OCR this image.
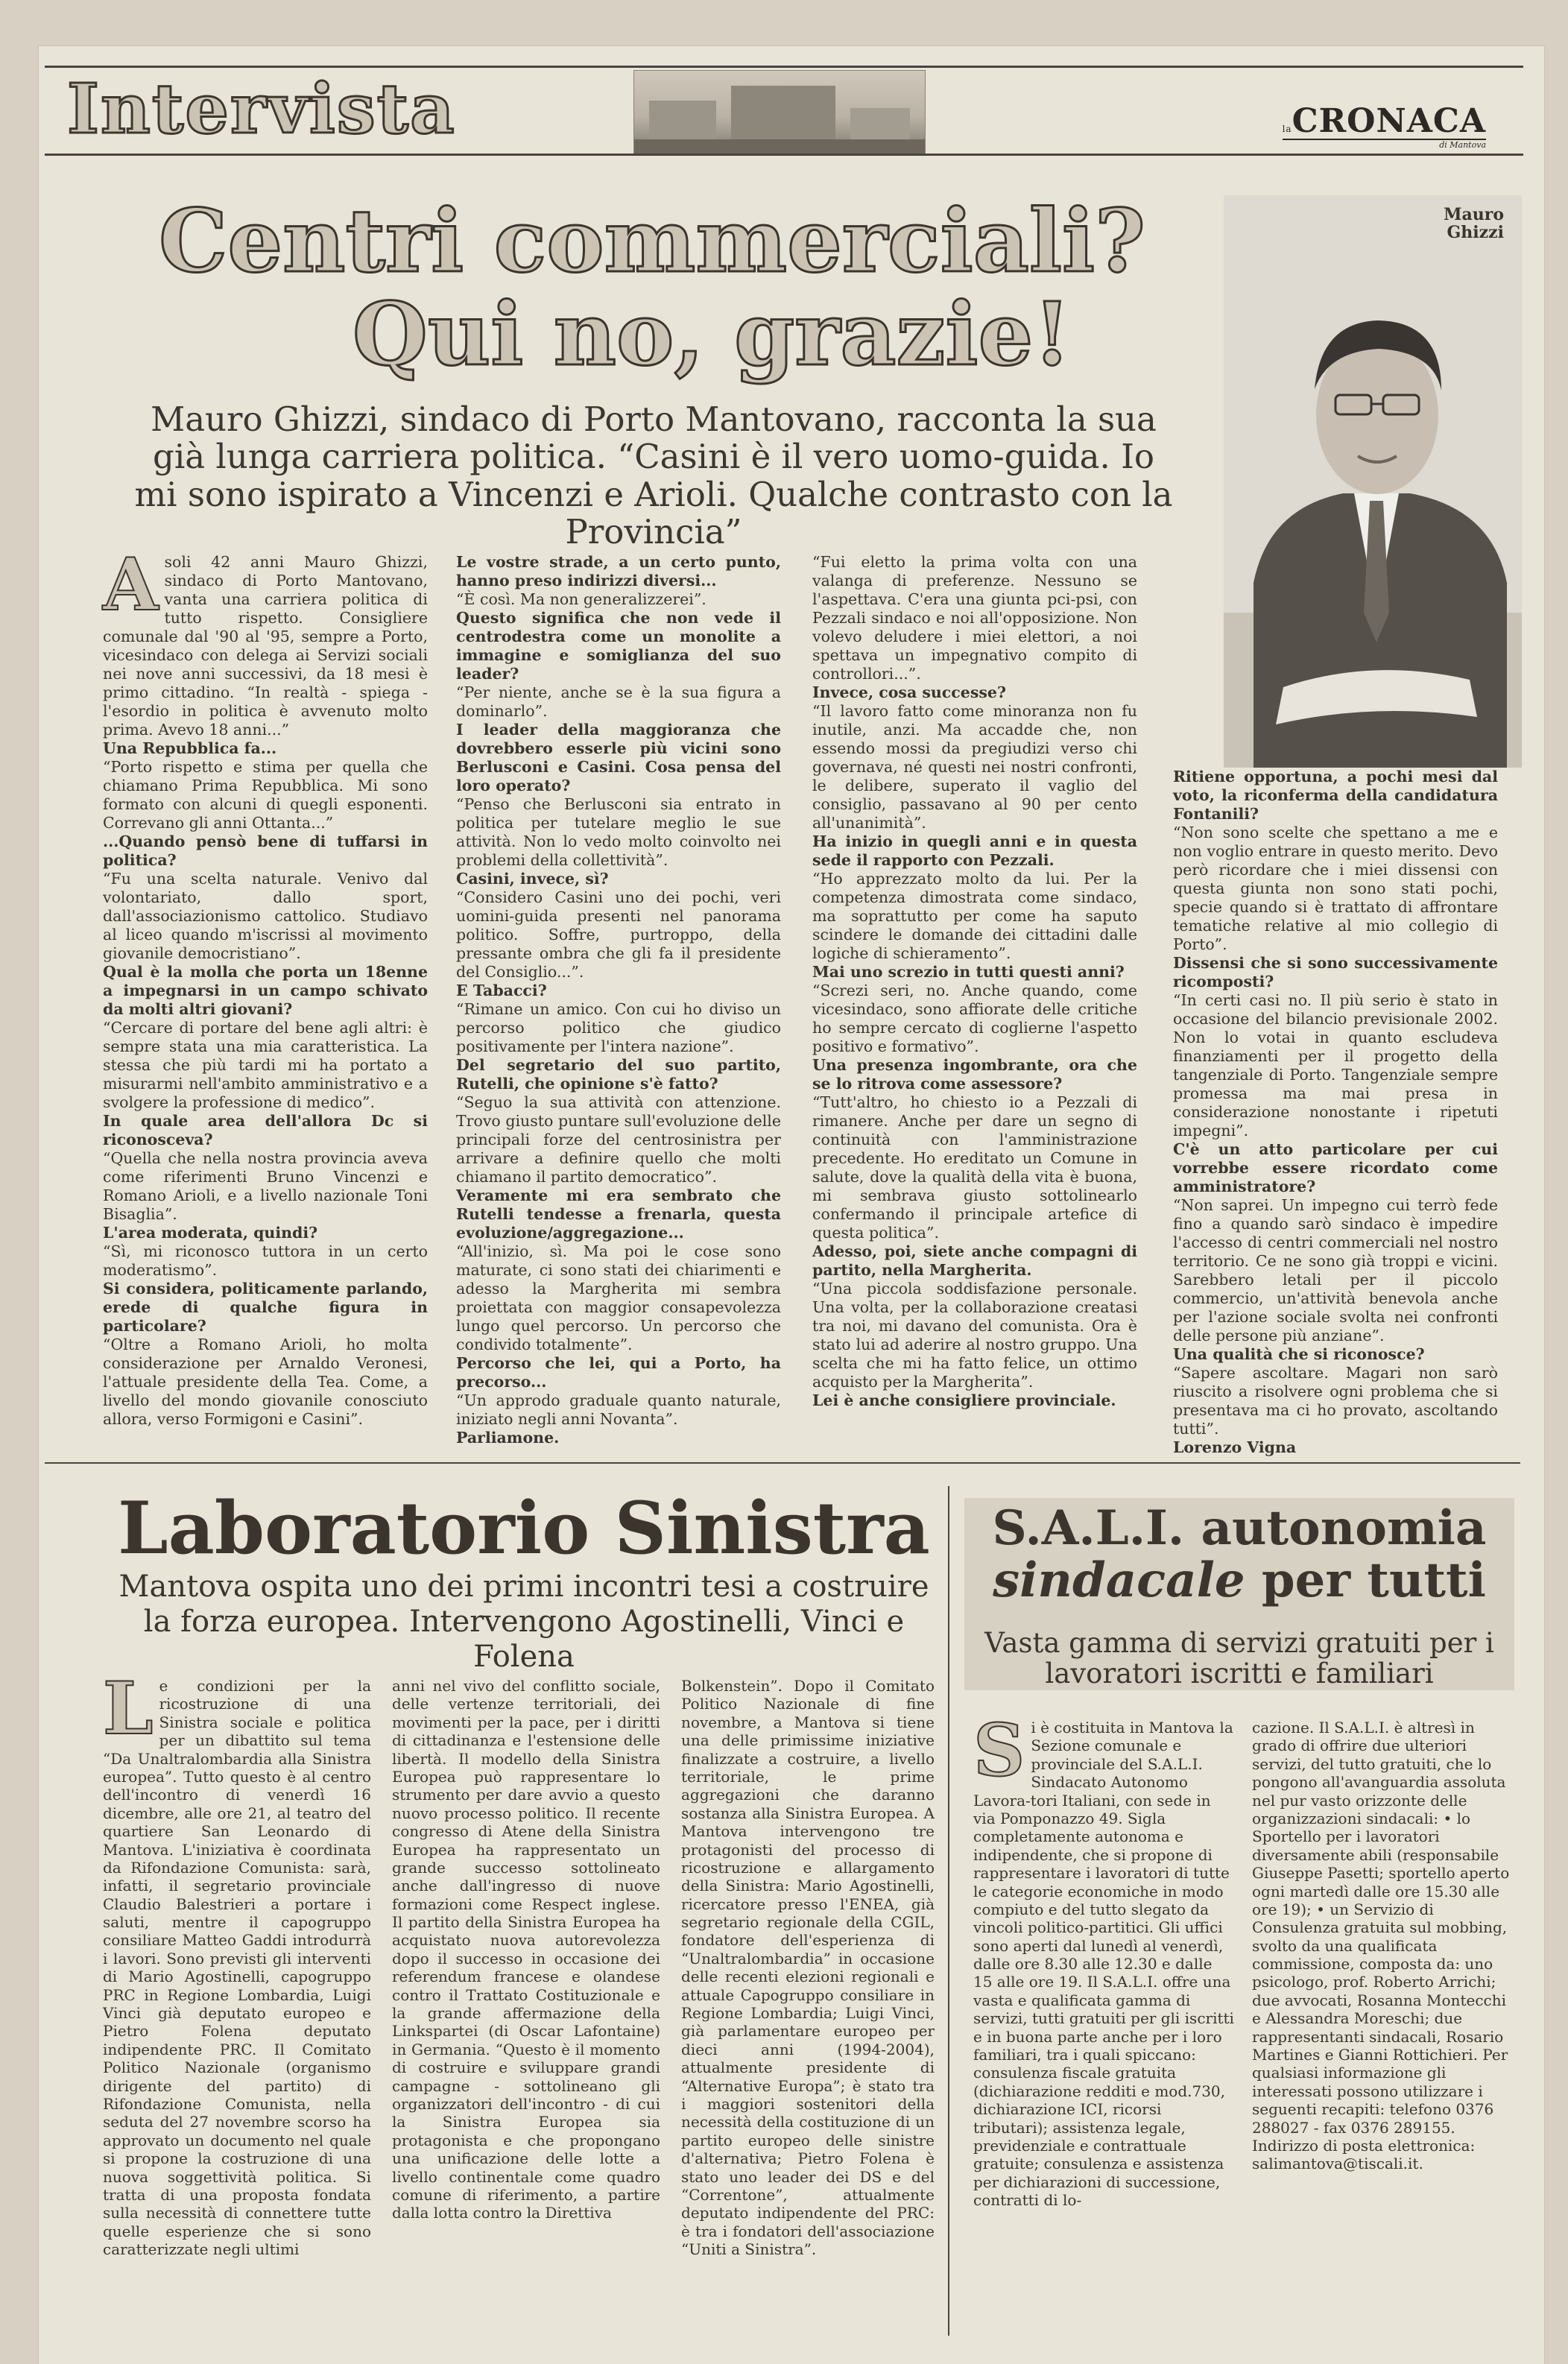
Intervista	laCRONACA
di Mantova
Centri commerciali?
Qui no, grazie!
Mauro Ghizzi, sindaco di Porto Mantovano, racconta la sua già lunga carriera politica. “Casini è il vero uomo-guida. Io mi sono ispirato a Vincenzi e Arioli. Qualche contrasto con la Provincia”
Mauro Ghizzi

Asoli 42 anni Mauro Ghizzi, sindaco di Porto Mantovano, vanta una carriera politica di tutto rispetto. Consigliere comunale dal '90 al '95, sempre a Porto, vicesindaco con delega ai Servizi sociali nei nove anni successivi, da 18 mesi è primo cittadino. “In realtà - spiega - l'esordio in politica è avvenuto molto prima. Avevo 18 anni...”

Una Repubblica fa...

“Porto rispetto e stima per quella che chiamano Prima Repubblica. Mi sono formato con alcuni di quegli esponenti. Correvano gli anni Ottanta...”

...Quando pensò bene di tuffarsi in politica?

“Fu una scelta naturale. Venivo dal volontariato, dallo sport, dall'associazionismo cattolico. Studiavo al liceo quando m'iscrissi al movimento giovanile democristiano”.

Qual è la molla che porta un 18enne a impegnarsi in un campo schivato da molti altri giovani?

“Cercare di portare del bene agli altri: è sempre stata una mia caratteristica. La stessa che più tardi mi ha portato a misurarmi nell'ambito amministrativo e a svolgere la professione di medico”.

In quale area dell'allora Dc si riconosceva?

“Quella che nella nostra provincia aveva come riferimenti Bruno Vincenzi e Romano Arioli, e a livello nazionale Toni Bisaglia”.

L'area moderata, quindi?

“Sì, mi riconosco tuttora in un certo moderatismo”.

Si considera, politicamente parlando, erede di qualche figura in particolare?

“Oltre a Romano Arioli, ho molta considerazione per Arnaldo Veronesi, l'attuale presidente della Tea. Come, a livello del mondo giovanile conosciuto allora, verso Formigoni e Casini”.

Le vostre strade, a un certo punto, hanno preso indirizzi diversi...

“È così. Ma non generalizzerei”.

Questo significa che non vede il centrodestra come un monolite a immagine e somiglianza del suo leader?

“Per niente, anche se è la sua figura a dominarlo”.

I leader della maggioranza che dovrebbero esserle più vicini sono Berlusconi e Casini. Cosa pensa del loro operato?

“Penso che Berlusconi sia entrato in politica per tutelare meglio le sue attività. Non lo vedo molto coinvolto nei problemi della collettività”.

Casini, invece, sì?

“Considero Casini uno dei pochi, veri uomini-guida presenti nel panorama politico. Soffre, purtroppo, della pressante ombra che gli fa il presidente del Consiglio...”.

E Tabacci?

“Rimane un amico. Con cui ho diviso un percorso politico che giudico positivamente per l'intera nazione”.

Del segretario del suo partito, Rutelli, che opinione s'è fatto?

“Seguo la sua attività con attenzione. Trovo giusto puntare sull'evoluzione delle principali forze del centrosinistra per arrivare a definire quello che molti chiamano il partito democratico”.

Veramente mi era sembrato che Rutelli tendesse a frenarla, questa evoluzione/aggregazione...

“All'inizio, sì. Ma poi le cose sono maturate, ci sono stati dei chiarimenti e adesso la Margherita mi sembra proiettata con maggior consapevolezza lungo quel percorso. Un percorso che condivido totalmente”.

Percorso che lei, qui a Porto, ha precorso...

“Un approdo graduale quanto naturale, iniziato negli anni Novanta”.

Parliamone.

“Fui eletto la prima volta con una valanga di preferenze. Nessuno se l'aspettava. C'era una giunta pci-psi, con Pezzali sindaco e noi all'opposizione. Non volevo deludere i miei elettori, a noi spettava un impegnativo compito di controllori...”.

Invece, cosa successe?

“Il lavoro fatto come minoranza non fu inutile, anzi. Ma accadde che, non essendo mossi da pregiudizi verso chi governava, né questi nei nostri confronti, le delibere, superato il vaglio del consiglio, passavano al 90 per cento all'unanimità”.

Ha inizio in quegli anni e in questa sede il rapporto con Pezzali.

“Ho apprezzato molto da lui. Per la competenza dimostrata come sindaco, ma soprattutto per come ha saputo scindere le domande dei cittadini dalle logiche di schieramento”.

Mai uno screzio in tutti questi anni?

“Screzi seri, no. Anche quando, come vicesindaco, sono affiorate delle critiche ho sempre cercato di coglierne l'aspetto positivo e formativo”.

Una presenza ingombrante, ora che se lo ritrova come assessore?

“Tutt'altro, ho chiesto io a Pezzali di rimanere. Anche per dare un segno di continuità con l'amministrazione precedente. Ho ereditato un Comune in salute, dove la qualità della vita è buona, mi sembrava giusto sottolinearlo confermando il principale artefice di questa politica”.

Adesso, poi, siete anche compagni di partito, nella Margherita.

“Una piccola soddisfazione personale. Una volta, per la collaborazione creatasi tra noi, mi davano del comunista. Ora è stato lui ad aderire al nostro gruppo. Una scelta che mi ha fatto felice, un ottimo acquisto per la Margherita”.

Lei è anche consigliere provinciale.

Ritiene opportuna, a pochi mesi dal voto, la riconferma della candidatura Fontanili?

“Non sono scelte che spettano a me e non voglio entrare in questo merito. Devo però ricordare che i miei dissensi con questa giunta non sono stati pochi, specie quando si è trattato di affrontare tematiche relative al mio collegio di Porto”.

Dissensi che si sono successivamente ricomposti?

“In certi casi no. Il più serio è stato in occasione del bilancio previsionale 2002. Non lo votai in quanto escludeva finanziamenti per il progetto della tangenziale di Porto. Tangenziale sempre promessa ma mai presa in considerazione nonostante i ripetuti impegni”.

C'è un atto particolare per cui vorrebbe essere ricordato come amministratore?

“Non saprei. Un impegno cui terrò fede fino a quando sarò sindaco è impedire l'accesso di centri commerciali nel nostro territorio. Ce ne sono già troppi e vicini. Sarebbero letali per il piccolo commercio, un'attività benevola anche per l'azione sociale svolta nei confronti delle persone più anziane”.

Una qualità che si riconosce?

“Sapere ascoltare. Magari non sarò riuscito a risolvere ogni problema che si presentava ma ci ho provato, ascoltando tutti”.

Lorenzo Vigna

Laboratorio Sinistra
Mantova ospita uno dei primi incontri tesi a costruire la forza europea. Intervengono Agostinelli, Vinci e Folena
Le condizioni per la ricostruzione di una Sinistra sociale e politica per un dibattito sul tema “Da Unaltralombardia alla Sinistra europea”. Tutto questo è al centro dell'incontro di venerdì 16 dicembre, alle ore 21, al teatro del quartiere San Leonardo di Mantova. L'iniziativa è coordinata da Rifondazione Comunista: sarà, infatti, il segretario provinciale Claudio Balestrieri a portare i saluti, mentre il capogruppo consiliare Matteo Gaddi introdurrà i lavori. Sono previsti gli interventi di Mario Agostinelli, capogruppo PRC in Regione Lombardia, Luigi Vinci già deputato europeo e Pietro Folena deputato indipendente PRC. Il Comitato Politico Nazionale (organismo dirigente del partito) di Rifondazione Comunista, nella seduta del 27 novembre scorso ha approvato un documento nel quale si propone la costruzione di una nuova soggettività politica. Si tratta di una proposta fondata sulla necessità di connettere tutte quelle esperienze che si sono caratterizzate negli ultimi
anni nel vivo del conflitto sociale, delle vertenze territoriali, dei movimenti per la pace, per i diritti di cittadinanza e l'estensione delle libertà. Il modello della Sinistra Europea può rappresentare lo strumento per dare avvio a questo nuovo processo politico. Il recente congresso di Atene della Sinistra Europea ha rappresentato un grande successo sottolineato anche dall'ingresso di nuove formazioni come Respect inglese. Il partito della Sinistra Europea ha acquistato nuova autorevolezza dopo il successo in occasione dei referendum francese e olandese contro il Trattato Costituzionale e la grande affermazione della Linkspartei (di Oscar Lafontaine) in Germania. “Questo è il momento di costruire e sviluppare grandi campagne - sottolineano gli organizzatori dell'incontro - di cui la Sinistra Europea sia protagonista e che propongano una unificazione delle lotte a livello continentale come quadro comune di riferimento, a partire dalla lotta contro la Direttiva
Bolkenstein”. Dopo il Comitato Politico Nazionale di fine novembre, a Mantova si tiene una delle primissime iniziative finalizzate a costruire, a livello territoriale, le prime aggregazioni che daranno sostanza alla Sinistra Europea. A Mantova intervengono tre protagonisti del processo di ricostruzione e allargamento della Sinistra: Mario Agostinelli, ricercatore presso l'ENEA, già segretario regionale della CGIL, fondatore dell'esperienza di “Unaltralombardia” in occasione delle recenti elezioni regionali e attuale Capogruppo consiliare in Regione Lombardia; Luigi Vinci, già parlamentare europeo per dieci anni (1994-2004), attualmente presidente di “Alternative Europa”; è stato tra i maggiori sostenitori della necessità della costituzione di un partito europeo delle sinistre d'alternativa; Pietro Folena è stato uno leader dei DS e del “Correntone”, attualmente deputato indipendente del PRC: è tra i fondatori dell'associazione “Uniti a Sinistra”.
S.A.L.I. autonomia
sindacale per tutti
Vasta gamma di servizi gratuiti per i lavoratori iscritti e familiari
Si è costituita in Mantova la Sezione comunale e provinciale del S.A.L.I. Sindacato Autonomo Lavora-tori Italiani, con sede in via Pomponazzo 49. Sigla completamente autonoma e indipendente, che si propone di rappresentare i lavoratori di tutte le categorie economiche in modo compiuto e del tutto slegato da vincoli politico-partitici. Gli uffici sono aperti dal lunedì al venerdì, dalle ore 8.30 alle 12.30 e dalle 15 alle ore 19. Il S.A.L.I. offre una vasta e qualificata gamma di servizi, tutti gratuiti per gli iscritti e in buona parte anche per i loro familiari, tra i quali spiccano: consulenza fiscale gratuita (dichiarazione redditi e mod.730, dichiarazione ICI, ricorsi tributari); assistenza legale, previdenziale e contrattuale gratuite; consulenza e assistenza per dichiarazioni di successione, contratti di lo-
cazione. Il S.A.L.I. è altresì in grado di offrire due ulteriori servizi, del tutto gratuiti, che lo pongono all'avanguardia assoluta nel pur vasto orizzonte delle organizzazioni sindacali: • lo Sportello per i lavoratori diversamente abili (responsabile Giuseppe Pasetti; sportello aperto ogni martedì dalle ore 15.30 alle ore 19); • un Servizio di Consulenza gratuita sul mobbing, svolto da una qualificata commissione, composta da: uno psicologo, prof. Roberto Arrichi; due avvocati, Rosanna Montecchi e Alessandra Moreschi; due rappresentanti sindacali, Rosario Martines e Gianni Rottichieri. Per qualsiasi informazione gli interessati possono utilizzare i seguenti recapiti: telefono 0376 288027 - fax 0376 289155. Indirizzo di posta elettronica: salimantova@tiscali.it.
